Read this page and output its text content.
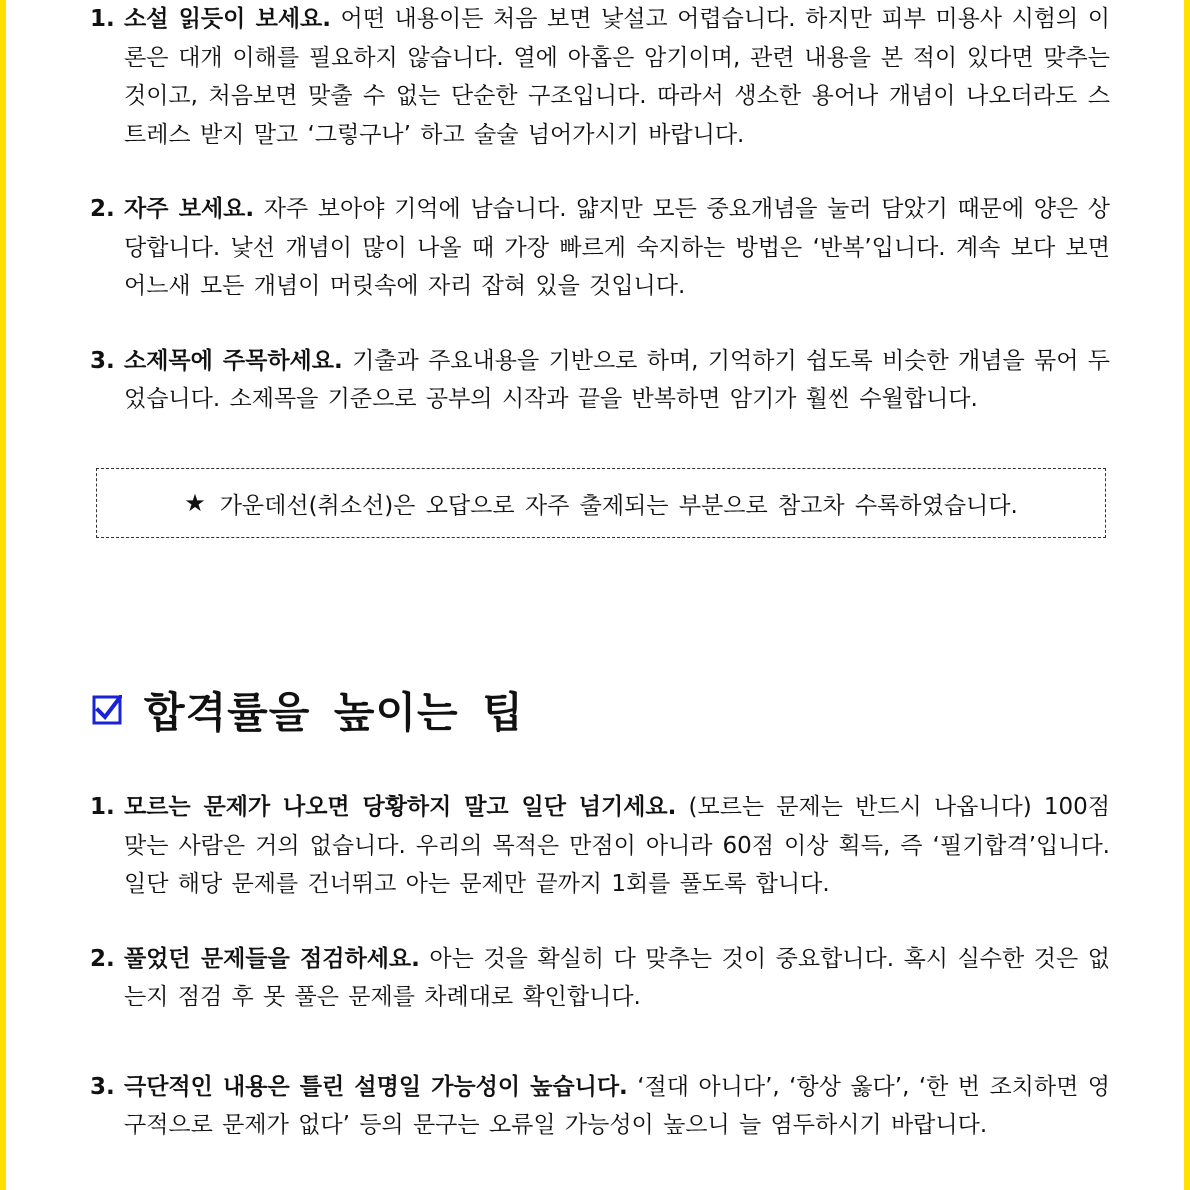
1. 소설 읽듯이 보세요. 어떤 내용이든 처음 보면 낯설고 어렵습니다. 하지만 피부 미용사 시험의 이론은 대개 이해를 필요하지 않습니다. 열에 아홉은 암기이며, 관련 내용을 본 적이 있다면 맞추는 것이고, 처음보면 맞출 수 없는 단순한 구조입니다. 따라서 생소한 용어나 개념이 나오더라도 스트레스 받지 말고 ‘그렇구나’ 하고 술술 넘어가시기 바랍니다.
2. 자주 보세요. 자주 보아야 기억에 남습니다. 얇지만 모든 중요개념을 눌러 담았기 때문에 양은 상당합니다. 낯선 개념이 많이 나올 때 가장 빠르게 숙지하는 방법은 ‘반복’입니다. 계속 보다 보면 어느새 모든 개념이 머릿속에 자리 잡혀 있을 것입니다.
3. 소제목에 주목하세요. 기출과 주요내용을 기반으로 하며, 기억하기 쉽도록 비슷한 개념을 묶어 두었습니다. 소제목을 기준으로 공부의 시작과 끝을 반복하면 암기가 훨씬 수월합니다.
★ 가운데선(취소선)은 오답으로 자주 출제되는 부분으로 참고차 수록하였습니다.
합격률을 높이는 팁
1. 모르는 문제가 나오면 당황하지 말고 일단 넘기세요. (모르는 문제는 반드시 나옵니다) 100점 맞는 사람은 거의 없습니다. 우리의 목적은 만점이 아니라 60점 이상 획득, 즉 ‘필기합격’입니다. 일단 해당 문제를 건너뛰고 아는 문제만 끝까지 1회를 풀도록 합니다.
2. 풀었던 문제들을 점검하세요. 아는 것을 확실히 다 맞추는 것이 중요합니다. 혹시 실수한 것은 없는지 점검 후 못 풀은 문제를 차례대로 확인합니다.
3. 극단적인 내용은 틀린 설명일 가능성이 높습니다. ‘절대 아니다’, ‘항상 옳다’, ‘한 번 조치하면 영구적으로 문제가 없다’ 등의 문구는 오류일 가능성이 높으니 늘 염두하시기 바랍니다.
